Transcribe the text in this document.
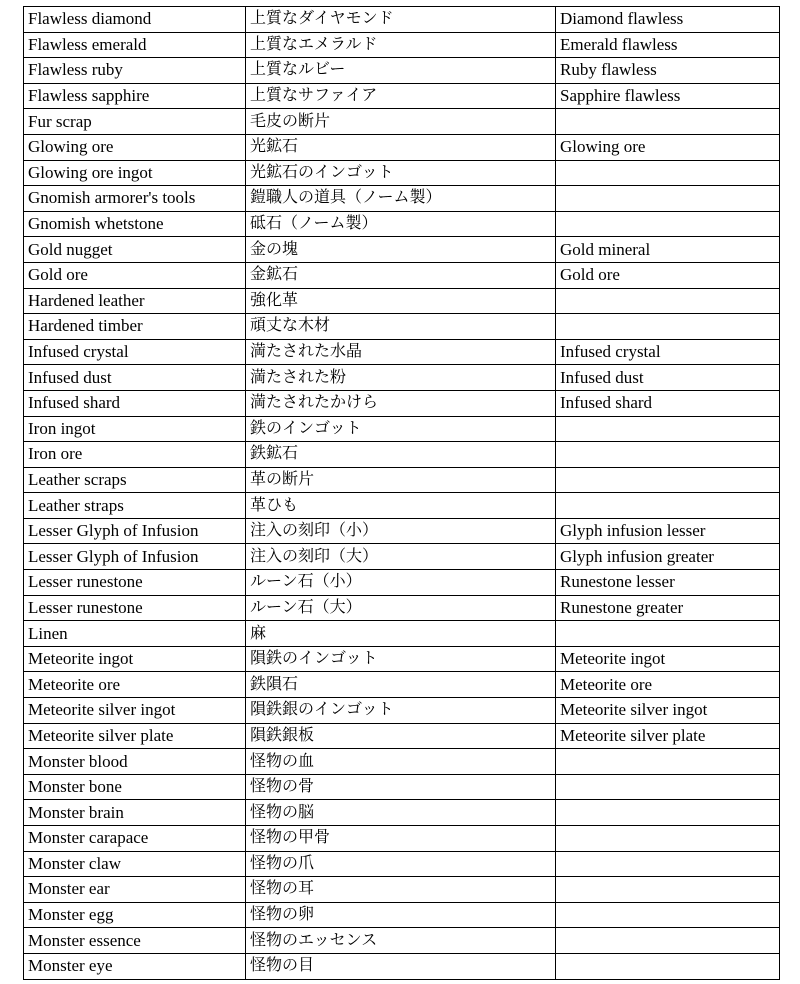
Flawless diamond	上質なダイヤモンド	Diamond flawless
Flawless emerald	上質なエメラルド	Emerald flawless
Flawless ruby	上質なルビー	Ruby flawless
Flawless sapphire	上質なサファイア	Sapphire flawless
Fur scrap	毛皮の断片	
Glowing ore	光鉱石	Glowing ore
Glowing ore ingot	光鉱石のインゴット	
Gnomish armorer's tools	鎧職人の道具（ノーム製）	
Gnomish whetstone	砥石（ノーム製）	
Gold nugget	金の塊	Gold mineral
Gold ore	金鉱石	Gold ore
Hardened leather	強化革	
Hardened timber	頑丈な木材	
Infused crystal	満たされた水晶	Infused crystal
Infused dust	満たされた粉	Infused dust
Infused shard	満たされたかけら	Infused shard
Iron ingot	鉄のインゴット	
Iron ore	鉄鉱石	
Leather scraps	革の断片	
Leather straps	革ひも	
Lesser Glyph of Infusion	注入の刻印（小）	Glyph infusion lesser
Lesser Glyph of Infusion	注入の刻印（大）	Glyph infusion greater
Lesser runestone	ルーン石（小）	Runestone lesser
Lesser runestone	ルーン石（大）	Runestone greater
Linen	麻	
Meteorite ingot	隕鉄のインゴット	Meteorite ingot
Meteorite ore	鉄隕石	Meteorite ore
Meteorite silver ingot	隕鉄銀のインゴット	Meteorite silver ingot
Meteorite silver plate	隕鉄銀板	Meteorite silver plate
Monster blood	怪物の血	
Monster bone	怪物の骨	
Monster brain	怪物の脳	
Monster carapace	怪物の甲骨	
Monster claw	怪物の爪	
Monster ear	怪物の耳	
Monster egg	怪物の卵	
Monster essence	怪物のエッセンス	
Monster eye	怪物の目	
